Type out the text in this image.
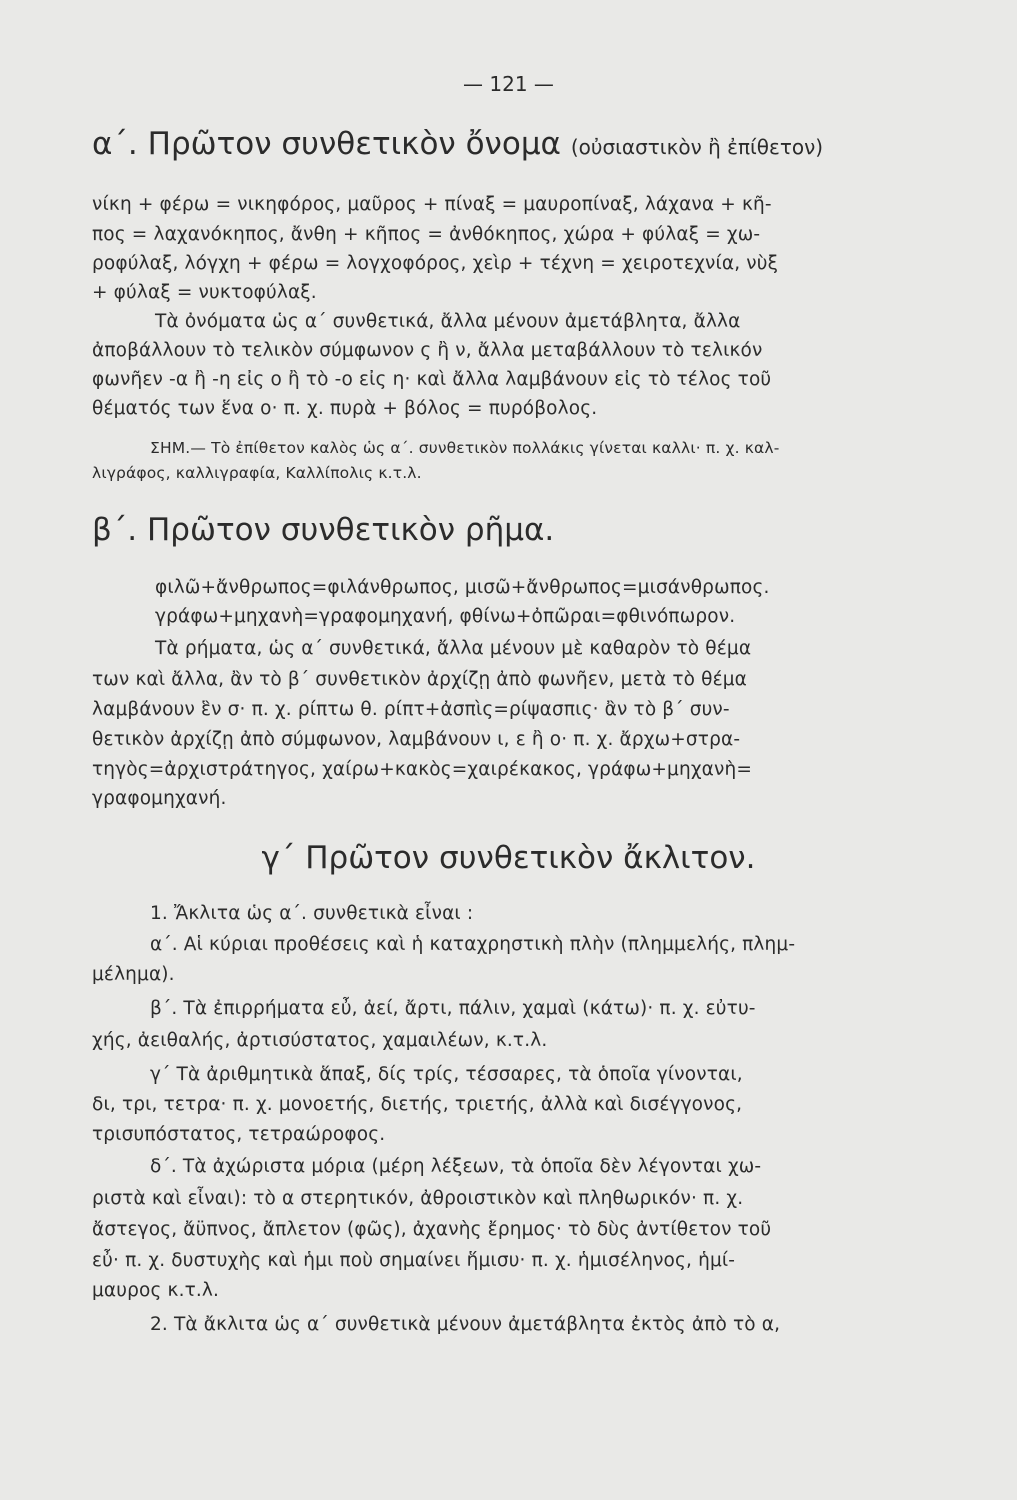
— 121 —
α΄. Πρῶτον συνθετικὸν ὄνομα (οὐσιαστικὸν ἢ ἐπίθετον)
νίκη + φέρω = νικηφόρος, μαῦρος + πίναξ = μαυροπίναξ, λάχανα + κῆ-
πος = λαχανόκηπος, ἄνθη + κῆπος = ἀνθόκηπος, χώρα + φύλαξ = χω-
ροφύλαξ, λόγχη + φέρω = λογχοφόρος, χεὶρ + τέχνη = χειροτεχνία, νὺξ
+ φύλαξ = νυκτοφύλαξ.
Τὰ ὀνόματα ὡς α΄ συνθετικά, ἄλλα μένουν ἀμετάβλητα, ἄλλα
ἀποβάλλουν τὸ τελικὸν σύμφωνον ς ἢ ν, ἄλλα μεταβάλλουν τὸ τελικόν
φωνῆεν -α ἢ -η εἰς ο ἢ τὸ -ο εἰς η· καὶ ἄλλα λαμβάνουν εἰς τὸ τέλος τοῦ
θέματός των ἕνα ο· π. χ. πυρὰ + βόλος = πυρόβολος.
ΣΗΜ.— Τὸ ἐπίθετον καλὸς ὡς α΄. συνθετικὸν πολλάκις γίνεται καλλι· π. χ. καλ-
λιγράφος, καλλιγραφία, Καλλίπολις κ.τ.λ.
β΄. Πρῶτον συνθετικὸν ρῆμα.
φιλῶ+ἄνθρωπος=φιλάνθρωπος, μισῶ+ἄνθρωπος=μισάνθρωπος.
γράφω+μηχανὴ=γραφομηχανή, φθίνω+ὀπῶραι=φθινόπωρον.
Τὰ ρήματα, ὡς α΄ συνθετικά, ἄλλα μένουν μὲ καθαρὸν τὸ θέμα
των καὶ ἄλλα, ἂν τὸ β΄ συνθετικὸν ἀρχίζῃ ἀπὸ φωνῆεν, μετὰ τὸ θέμα
λαμβάνουν ἓν σ· π. χ. ρίπτω θ. ρίπτ+ἀσπὶς=ρίψασπις· ἂν τὸ β΄ συν-
θετικὸν ἀρχίζῃ ἀπὸ σύμφωνον, λαμβάνουν ι, ε ἢ ο· π. χ. ἄρχω+στρα-
τηγὸς=ἀρχιστράτηγος, χαίρω+κακὸς=χαιρέκακος, γράφω+μηχανὴ=
γραφομηχανή.
γ΄ Πρῶτον συνθετικὸν ἄκλιτον.
1. Ἄκλιτα ὡς α΄. συνθετικὰ εἶναι :
α΄. Αἱ κύριαι προθέσεις καὶ ἡ καταχρηστικὴ πλὴν (πλημμελής, πλημ-
μέλημα).
β΄. Τὰ ἐπιρρήματα εὖ, ἀεί, ἄρτι, πάλιν, χαμαὶ (κάτω)· π. χ. εὐτυ-
χής, ἀειθαλής, ἀρτισύστατος, χαμαιλέων, κ.τ.λ.
γ΄ Τὰ ἀριθμητικὰ ἅπαξ, δίς τρίς, τέσσαρες, τὰ ὁποῖα γίνονται,
δι, τρι, τετρα· π. χ. μονοετής, διετής, τριετής, ἀλλὰ καὶ δισέγγονος,
τρισυπόστατος, τετραώροφος.
δ΄. Τὰ ἀχώριστα μόρια (μέρη λέξεων, τὰ ὁποῖα δὲν λέγονται χω-
ριστὰ καὶ εἶναι): τὸ α στερητικόν, ἀθροιστικὸν καὶ πληθωρικόν· π. χ.
ἄστεγος, ἄϋπνος, ἄπλετον (φῶς), ἀχανὴς ἔρημος· τὸ δὺς ἀντίθετον τοῦ
εὖ· π. χ. δυστυχὴς καὶ ἡμι ποὺ σημαίνει ἥμισυ· π. χ. ἡμισέληνος, ἡμί-
μαυρος κ.τ.λ.
2. Τὰ ἄκλιτα ὡς α΄ συνθετικὰ μένουν ἀμετάβλητα ἐκτὸς ἀπὸ τὸ α,
